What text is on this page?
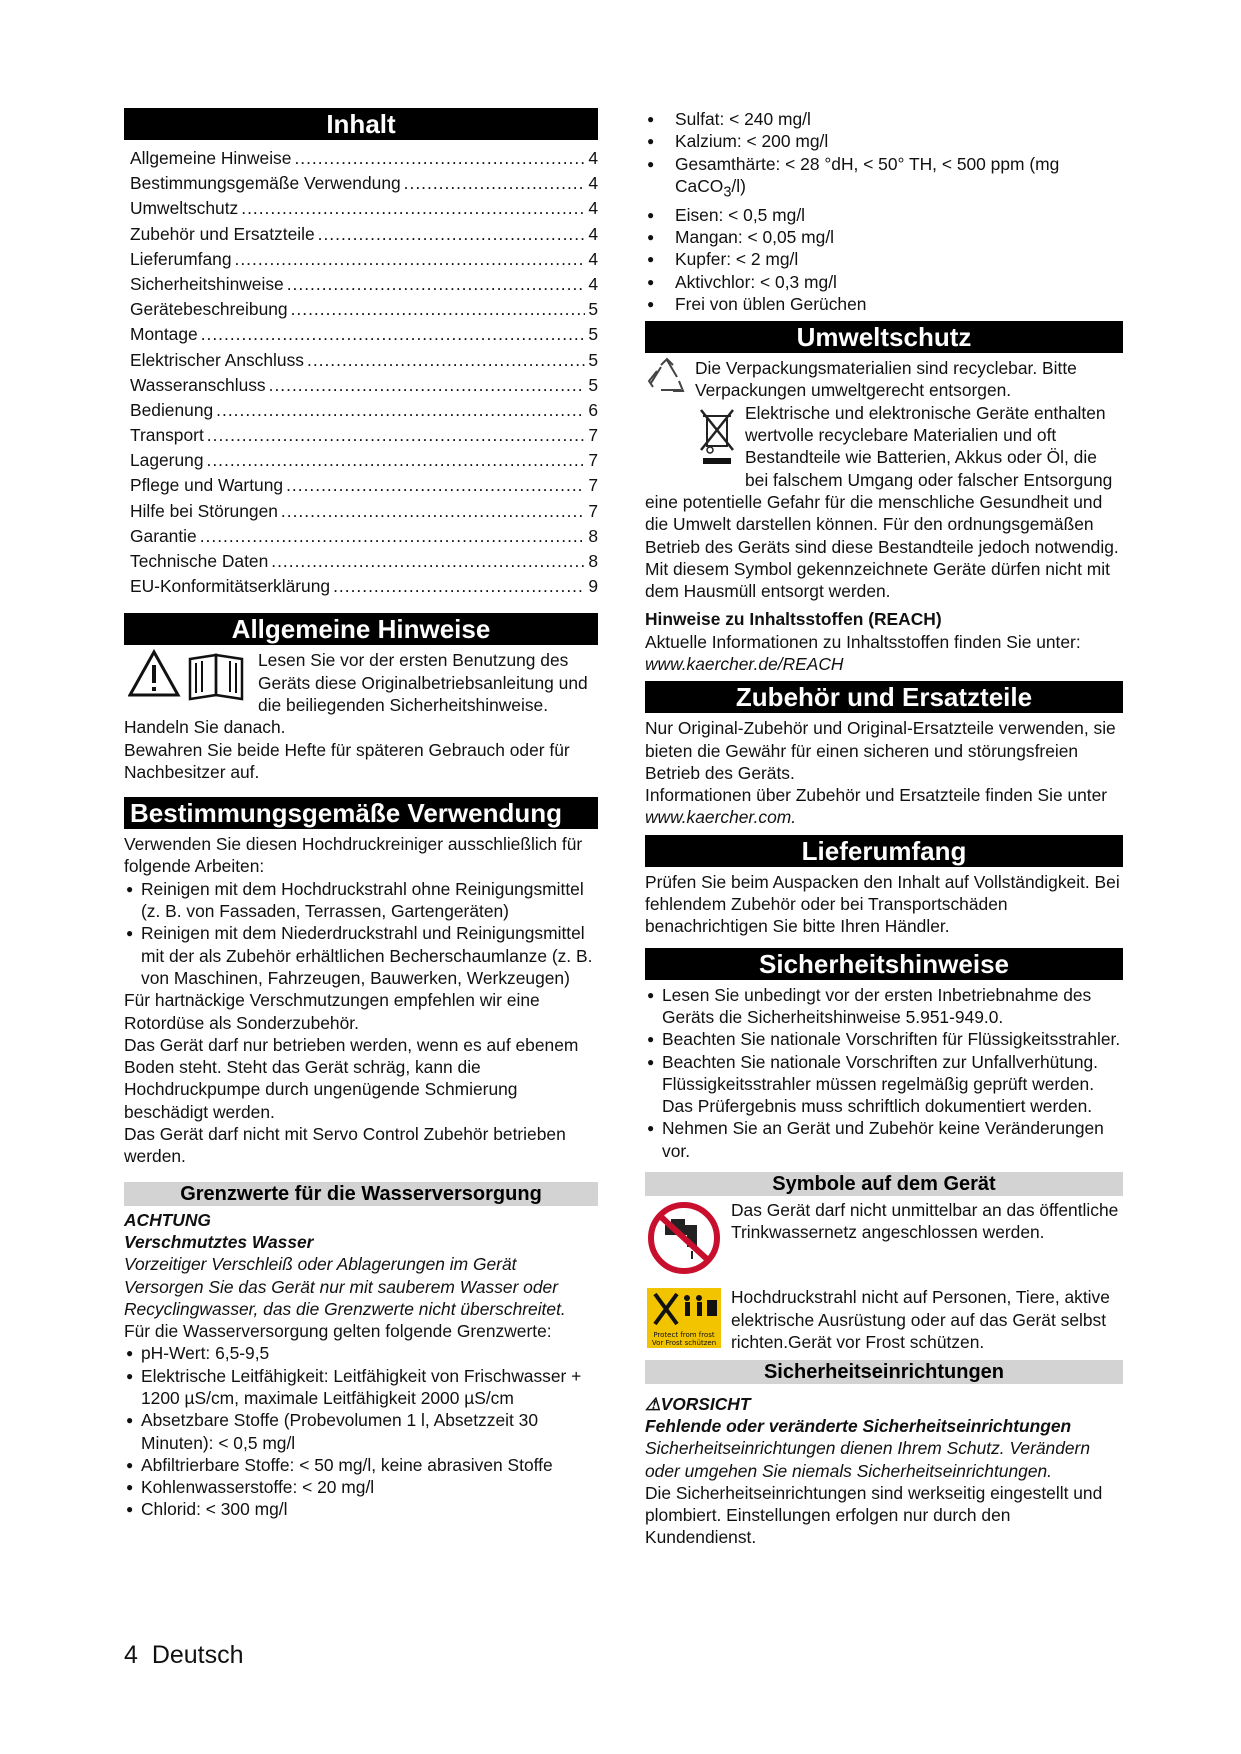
Inhalt
Allgemeine Hinweise .....	4
Bestimmungsgemäße Verwendung .....	4
Umweltschutz .....	4
Zubehör und Ersatzteile .....	4
Lieferumfang .....	4
Sicherheitshinweise .....	4
Gerätebeschreibung .....	5
Montage .....	5
Elektrischer Anschluss .....	5
Wasseranschluss .....	5
Bedienung .....	6
Transport .....	7
Lagerung .....	7
Pflege und Wartung .....	7
Hilfe bei Störungen .....	7
Garantie .....	8
Technische Daten .....	8
EU-Konformitätserklärung .....	9
Allgemeine Hinweise

Lesen Sie vor der ersten Benutzung des Geräts diese Originalbetriebsanleitung und die beiliegenden Sicherheitshinweise. Handeln Sie danach.

Bewahren Sie beide Hefte für späteren Gebrauch oder für Nachbesitzer auf.

Bestimmungsgemäße Verwendung

Verwenden Sie diesen Hochdruckreiniger ausschließlich für folgende Arbeiten:

● Reinigen mit dem Hochdruckstrahl ohne Reinigungsmittel (z. B. von Fassaden, Terrassen, Gartengeräten)
● Reinigen mit dem Niederdruckstrahl und Reinigungsmittel mit der als Zubehör erhältlichen Becherschaumlanze (z. B. von Maschinen, Fahrzeugen, Bauwerken, Werkzeugen)

Für hartnäckige Verschmutzungen empfehlen wir eine Rotordüse als Sonderzubehör.

Das Gerät darf nur betrieben werden, wenn es auf ebenem Boden steht. Steht das Gerät schräg, kann die Hochdruckpumpe durch ungenügende Schmierung beschädigt werden.

Das Gerät darf nicht mit Servo Control Zubehör betrieben werden.

Grenzwerte für die Wasserversorgung

ACHTUNG

Verschmutztes Wasser

Vorzeitiger Verschleiß oder Ablagerungen im Gerät Versorgen Sie das Gerät nur mit sauberem Wasser oder Recyclingwasser, das die Grenzwerte nicht überschreitet.

Für die Wasserversorgung gelten folgende Grenzwerte:

● pH-Wert: 6,5-9,5
● Elektrische Leitfähigkeit: Leitfähigkeit von Frischwasser + 1200 µS/cm, maximale Leitfähigkeit 2000 µS/cm
● Absetzbare Stoffe (Probevolumen 1 l, Absetzzeit 30 Minuten): < 0,5 mg/l
● Abfiltrierbare Stoffe: < 50 mg/l, keine abrasiven Stoffe
● Kohlenwasserstoffe: < 20 mg/l
● Chlorid: < 300 mg/l
● Sulfat: < 240 mg/l
● Kalzium: < 200 mg/l
● Gesamthärte: < 28 °dH, < 50° TH, < 500 ppm (mg CaCO$_3$/l)
● Eisen: < 0,5 mg/l
● Mangan: < 0,05 mg/l
● Kupfer: < 2 mg/l
● Aktivchlor: < 0,3 mg/l
● Frei von üblen Gerüchen
Umweltschutz

Die Verpackungsmaterialien sind recyclebar. Bitte Verpackungen umweltgerecht entsorgen.

Elektrische und elektronische Geräte enthalten wertvolle recyclebare Materialien und oft Bestandteile wie Batterien, Akkus oder Öl, die bei falschem Umgang oder falscher Entsorgung eine potentielle Gefahr für die menschliche Gesundheit und die Umwelt darstellen können. Für den ordnungsgemäßen Betrieb des Geräts sind diese Bestandteile jedoch notwendig. Mit diesem Symbol gekennzeichnete Geräte dürfen nicht mit dem Hausmüll entsorgt werden.

Hinweise zu Inhaltsstoffen (REACH)

Aktuelle Informationen zu Inhaltsstoffen finden Sie unter: www.kaercher.de/REACH

Zubehör und Ersatzteile

Nur Original-Zubehör und Original-Ersatzteile verwenden, sie bieten die Gewähr für einen sicheren und störungsfreien Betrieb des Geräts.

Informationen über Zubehör und Ersatzteile finden Sie unter www.kaercher.com.

Lieferumfang

Prüfen Sie beim Auspacken den Inhalt auf Vollständigkeit. Bei fehlendem Zubehör oder bei Transportschäden benachrichtigen Sie bitte Ihren Händler.

Sicherheitshinweise
● Lesen Sie unbedingt vor der ersten Inbetriebnahme des Geräts die Sicherheitshinweise 5.951-949.0.
● Beachten Sie nationale Vorschriften für Flüssigkeitsstrahler.
● Beachten Sie nationale Vorschriften zur Unfallverhütung. Flüssigkeitsstrahler müssen regelmäßig geprüft werden. Das Prüfergebnis muss schriftlich dokumentiert werden.
● Nehmen Sie an Gerät und Zubehör keine Veränderungen vor.
Symbole auf dem Gerät

Das Gerät darf nicht unmittelbar an das öffentliche Trinkwassernetz angeschlossen werden.

Protect from frost
Vor Frost schützen

Hochdruckstrahl nicht auf Personen, Tiere, aktive elektrische Ausrüstung oder auf das Gerät selbst richten.Gerät vor Frost schützen.

Sicherheitseinrichtungen

⚠VORSICHT

Fehlende oder veränderte Sicherheitseinrichtungen

Sicherheitseinrichtungen dienen Ihrem Schutz. Verändern oder umgehen Sie niemals Sicherheitseinrichtungen.

Die Sicherheitseinrichtungen sind werkseitig eingestellt und plombiert. Einstellungen erfolgen nur durch den Kundendienst.

4 Deutsch
